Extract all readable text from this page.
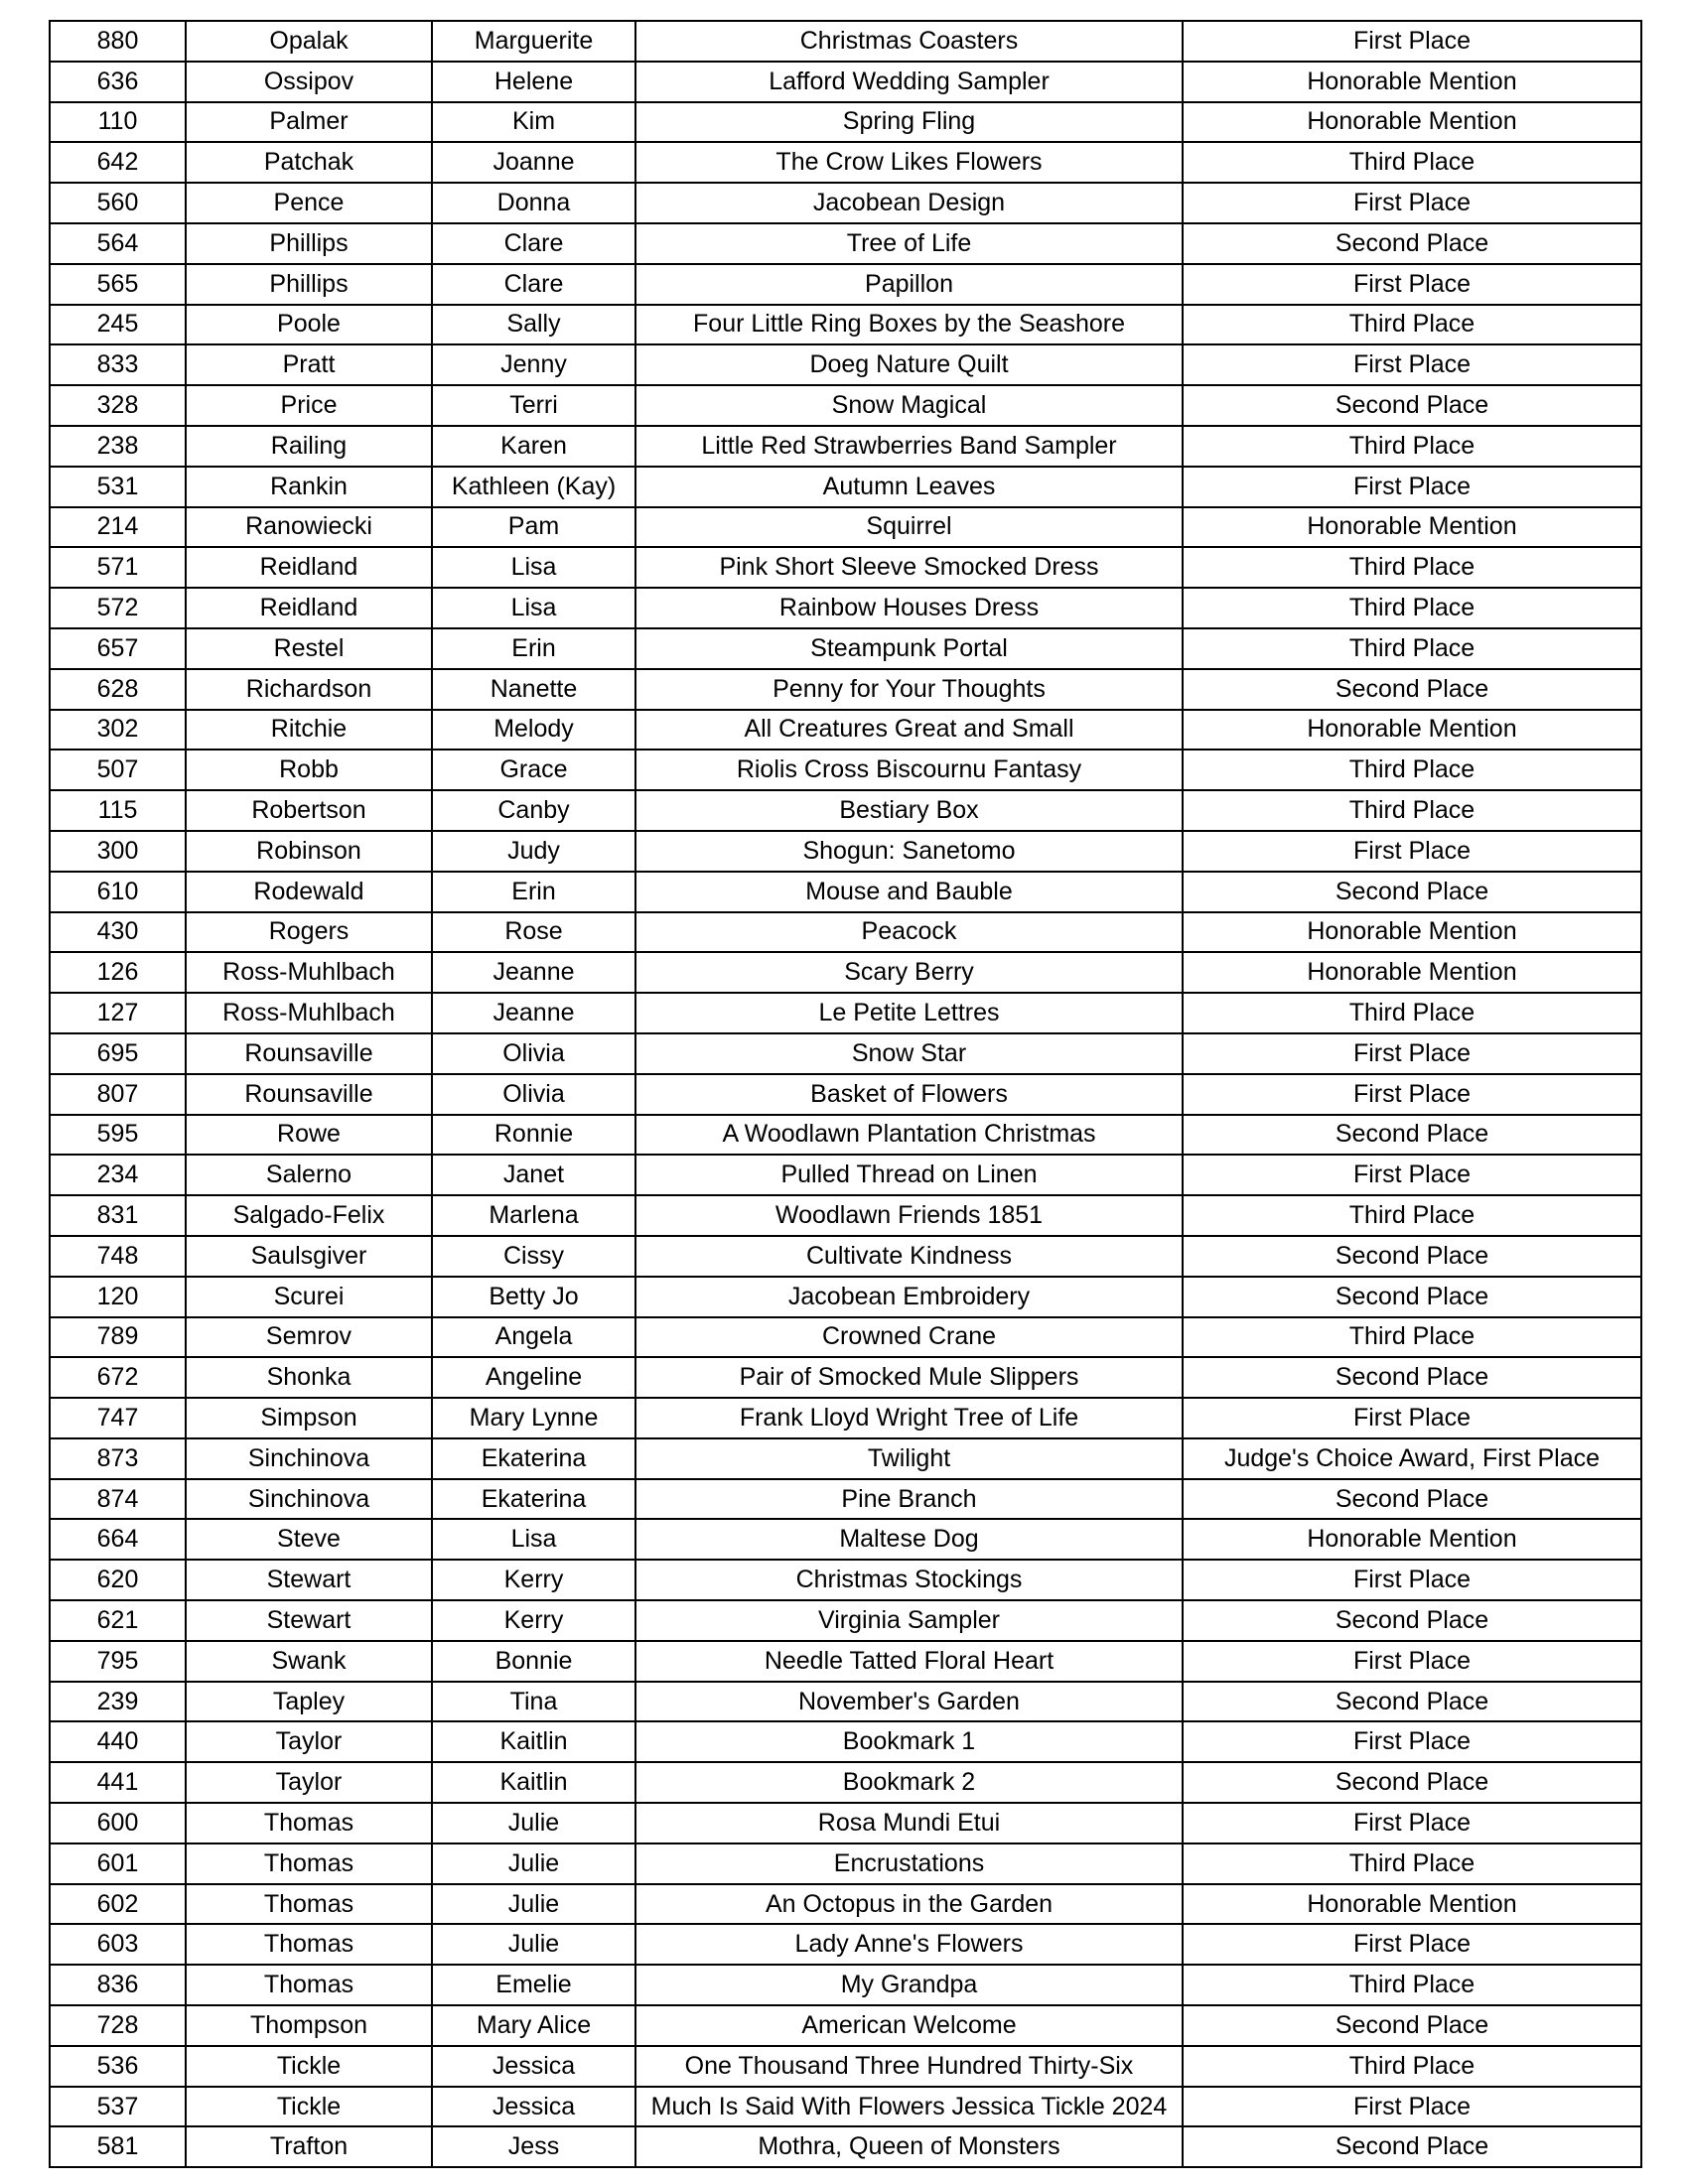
880	Opalak	Marguerite	Christmas Coasters	First Place
636	Ossipov	Helene	Lafford Wedding Sampler	Honorable Mention
110	Palmer	Kim	Spring Fling	Honorable Mention
642	Patchak	Joanne	The Crow Likes Flowers	Third Place
560	Pence	Donna	Jacobean Design	First Place
564	Phillips	Clare	Tree of Life	Second Place
565	Phillips	Clare	Papillon	First Place
245	Poole	Sally	Four Little Ring Boxes by the Seashore	Third Place
833	Pratt	Jenny	Doeg Nature Quilt	First Place
328	Price	Terri	Snow Magical	Second Place
238	Railing	Karen	Little Red Strawberries Band Sampler	Third Place
531	Rankin	Kathleen (Kay)	Autumn Leaves	First Place
214	Ranowiecki	Pam	Squirrel	Honorable Mention
571	Reidland	Lisa	Pink Short Sleeve Smocked Dress	Third Place
572	Reidland	Lisa	Rainbow Houses Dress	Third Place
657	Restel	Erin	Steampunk Portal	Third Place
628	Richardson	Nanette	Penny for Your Thoughts	Second Place
302	Ritchie	Melody	All Creatures Great and Small	Honorable Mention
507	Robb	Grace	Riolis Cross Biscournu Fantasy	Third Place
115	Robertson	Canby	Bestiary Box	Third Place
300	Robinson	Judy	Shogun: Sanetomo	First Place
610	Rodewald	Erin	Mouse and Bauble	Second Place
430	Rogers	Rose	Peacock	Honorable Mention
126	Ross-Muhlbach	Jeanne	Scary Berry	Honorable Mention
127	Ross-Muhlbach	Jeanne	Le Petite Lettres	Third Place
695	Rounsaville	Olivia	Snow Star	First Place
807	Rounsaville	Olivia	Basket of Flowers	First Place
595	Rowe	Ronnie	A Woodlawn Plantation Christmas	Second Place
234	Salerno	Janet	Pulled Thread on Linen	First Place
831	Salgado-Felix	Marlena	Woodlawn Friends 1851	Third Place
748	Saulsgiver	Cissy	Cultivate Kindness	Second Place
120	Scurei	Betty Jo	Jacobean Embroidery	Second Place
789	Semrov	Angela	Crowned Crane	Third Place
672	Shonka	Angeline	Pair of Smocked Mule Slippers	Second Place
747	Simpson	Mary Lynne	Frank Lloyd Wright Tree of Life	First Place
873	Sinchinova	Ekaterina	Twilight	Judge's Choice Award, First Place
874	Sinchinova	Ekaterina	Pine Branch	Second Place
664	Steve	Lisa	Maltese Dog	Honorable Mention
620	Stewart	Kerry	Christmas Stockings	First Place
621	Stewart	Kerry	Virginia Sampler	Second Place
795	Swank	Bonnie	Needle Tatted Floral Heart	First Place
239	Tapley	Tina	November's Garden	Second Place
440	Taylor	Kaitlin	Bookmark 1	First Place
441	Taylor	Kaitlin	Bookmark 2	Second Place
600	Thomas	Julie	Rosa Mundi Etui	First Place
601	Thomas	Julie	Encrustations	Third Place
602	Thomas	Julie	An Octopus in the Garden	Honorable Mention
603	Thomas	Julie	Lady Anne's Flowers	First Place
836	Thomas	Emelie	My Grandpa	Third Place
728	Thompson	Mary Alice	American Welcome	Second Place
536	Tickle	Jessica	One Thousand Three Hundred Thirty-Six	Third Place
537	Tickle	Jessica	Much Is Said With Flowers Jessica Tickle 2024	First Place
581	Trafton	Jess	Mothra, Queen of Monsters	Second Place
